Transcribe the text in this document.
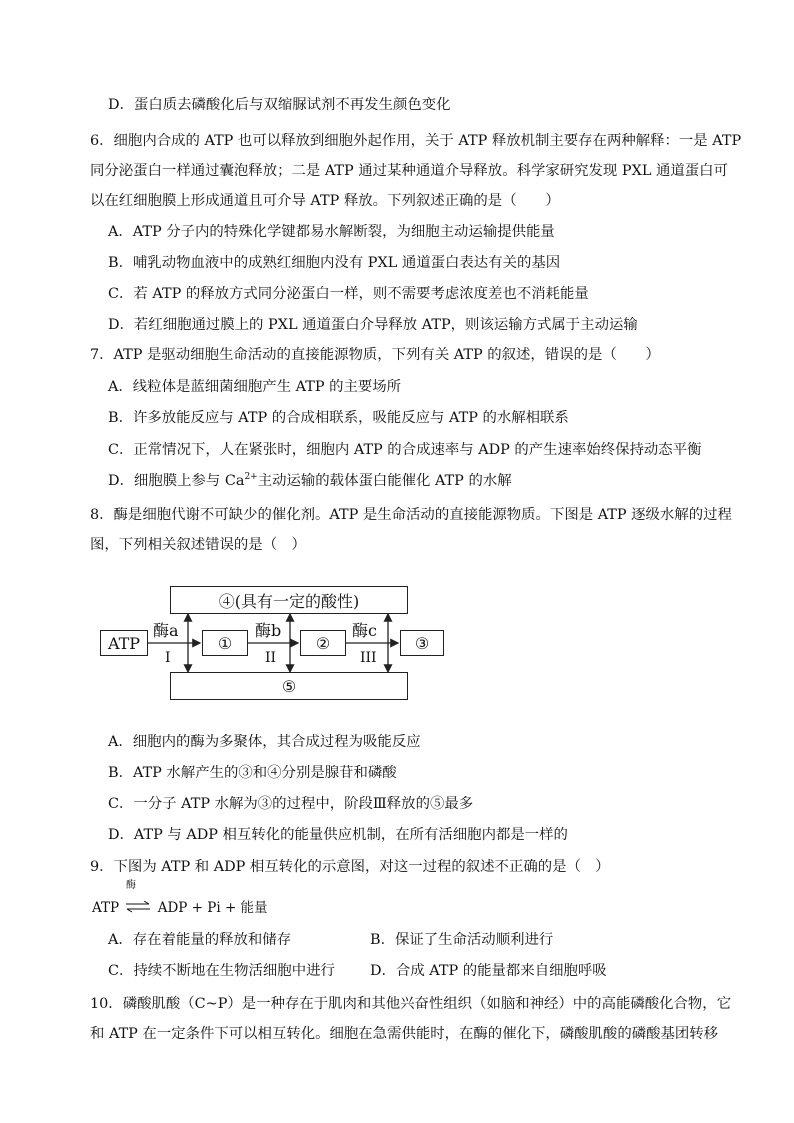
D．蛋白质去磷酸化后与双缩脲试剂不再发生颜色变化
6．细胞内合成的 ATP 也可以释放到细胞外起作用，关于 ATP 释放机制主要存在两种解释：一是 ATP
同分泌蛋白一样通过囊泡释放；二是 ATP 通过某种通道介导释放。科学家研究发现 PXL 通道蛋白可
以在红细胞膜上形成通道且可介导 ATP 释放。下列叙述正确的是（　　）
A．ATP 分子内的特殊化学键都易水解断裂，为细胞主动运输提供能量
B．哺乳动物血液中的成熟红细胞内没有 PXL 通道蛋白表达有关的基因
C．若 ATP 的释放方式同分泌蛋白一样，则不需要考虑浓度差也不消耗能量
D．若红细胞通过膜上的 PXL 通道蛋白介导释放 ATP，则该运输方式属于主动运输
7．ATP 是驱动细胞生命活动的直接能源物质，下列有关 ATP 的叙述，错误的是（　　）
A．线粒体是蓝细菌细胞产生 ATP 的主要场所
B．许多放能反应与 ATP 的合成相联系，吸能反应与 ATP 的水解相联系
C．正常情况下，人在紧张时，细胞内 ATP 的合成速率与 ADP 的产生速率始终保持动态平衡
D．细胞膜上参与 $Ca^{2+}$主动运输的载体蛋白能催化 ATP 的水解
8．酶是细胞代谢不可缺少的催化剂。ATP 是生命活动的直接能源物质。下图是 ATP 逐级水解的过程
图，下列相关叙述错误的是（　）
④(具有一定的酸性)
ATP	①	②	③
⑤
酶a	酶b	酶c
I	II	III
A．细胞内的酶为多聚体，其合成过程为吸能反应
B．ATP 水解产生的③和④分别是腺苷和磷酸
C．一分子 ATP 水解为③的过程中，阶段Ⅲ释放的⑤最多
D．ATP 与 ADP 相互转化的能量供应机制，在所有活细胞内都是一样的
9．下图为 ATP 和 ADP 相互转化的示意图，对这一过程的叙述不正确的是（　）
ATP ⇌
酶
ADP + Pi + 能量
A．存在着能量的释放和储存	B．保证了生命活动顺利进行
C．持续不断地在生物活细胞中进行 D．合成 ATP 的能量都来自细胞呼吸
10．磷酸肌酸（C~P）是一种存在于肌肉和其他兴奋性组织（如脑和神经）中的高能磷酸化合物，它
和 ATP 在一定条件下可以相互转化。细胞在急需供能时，在酶的催化下，磷酸肌酸的磷酸基团转移
